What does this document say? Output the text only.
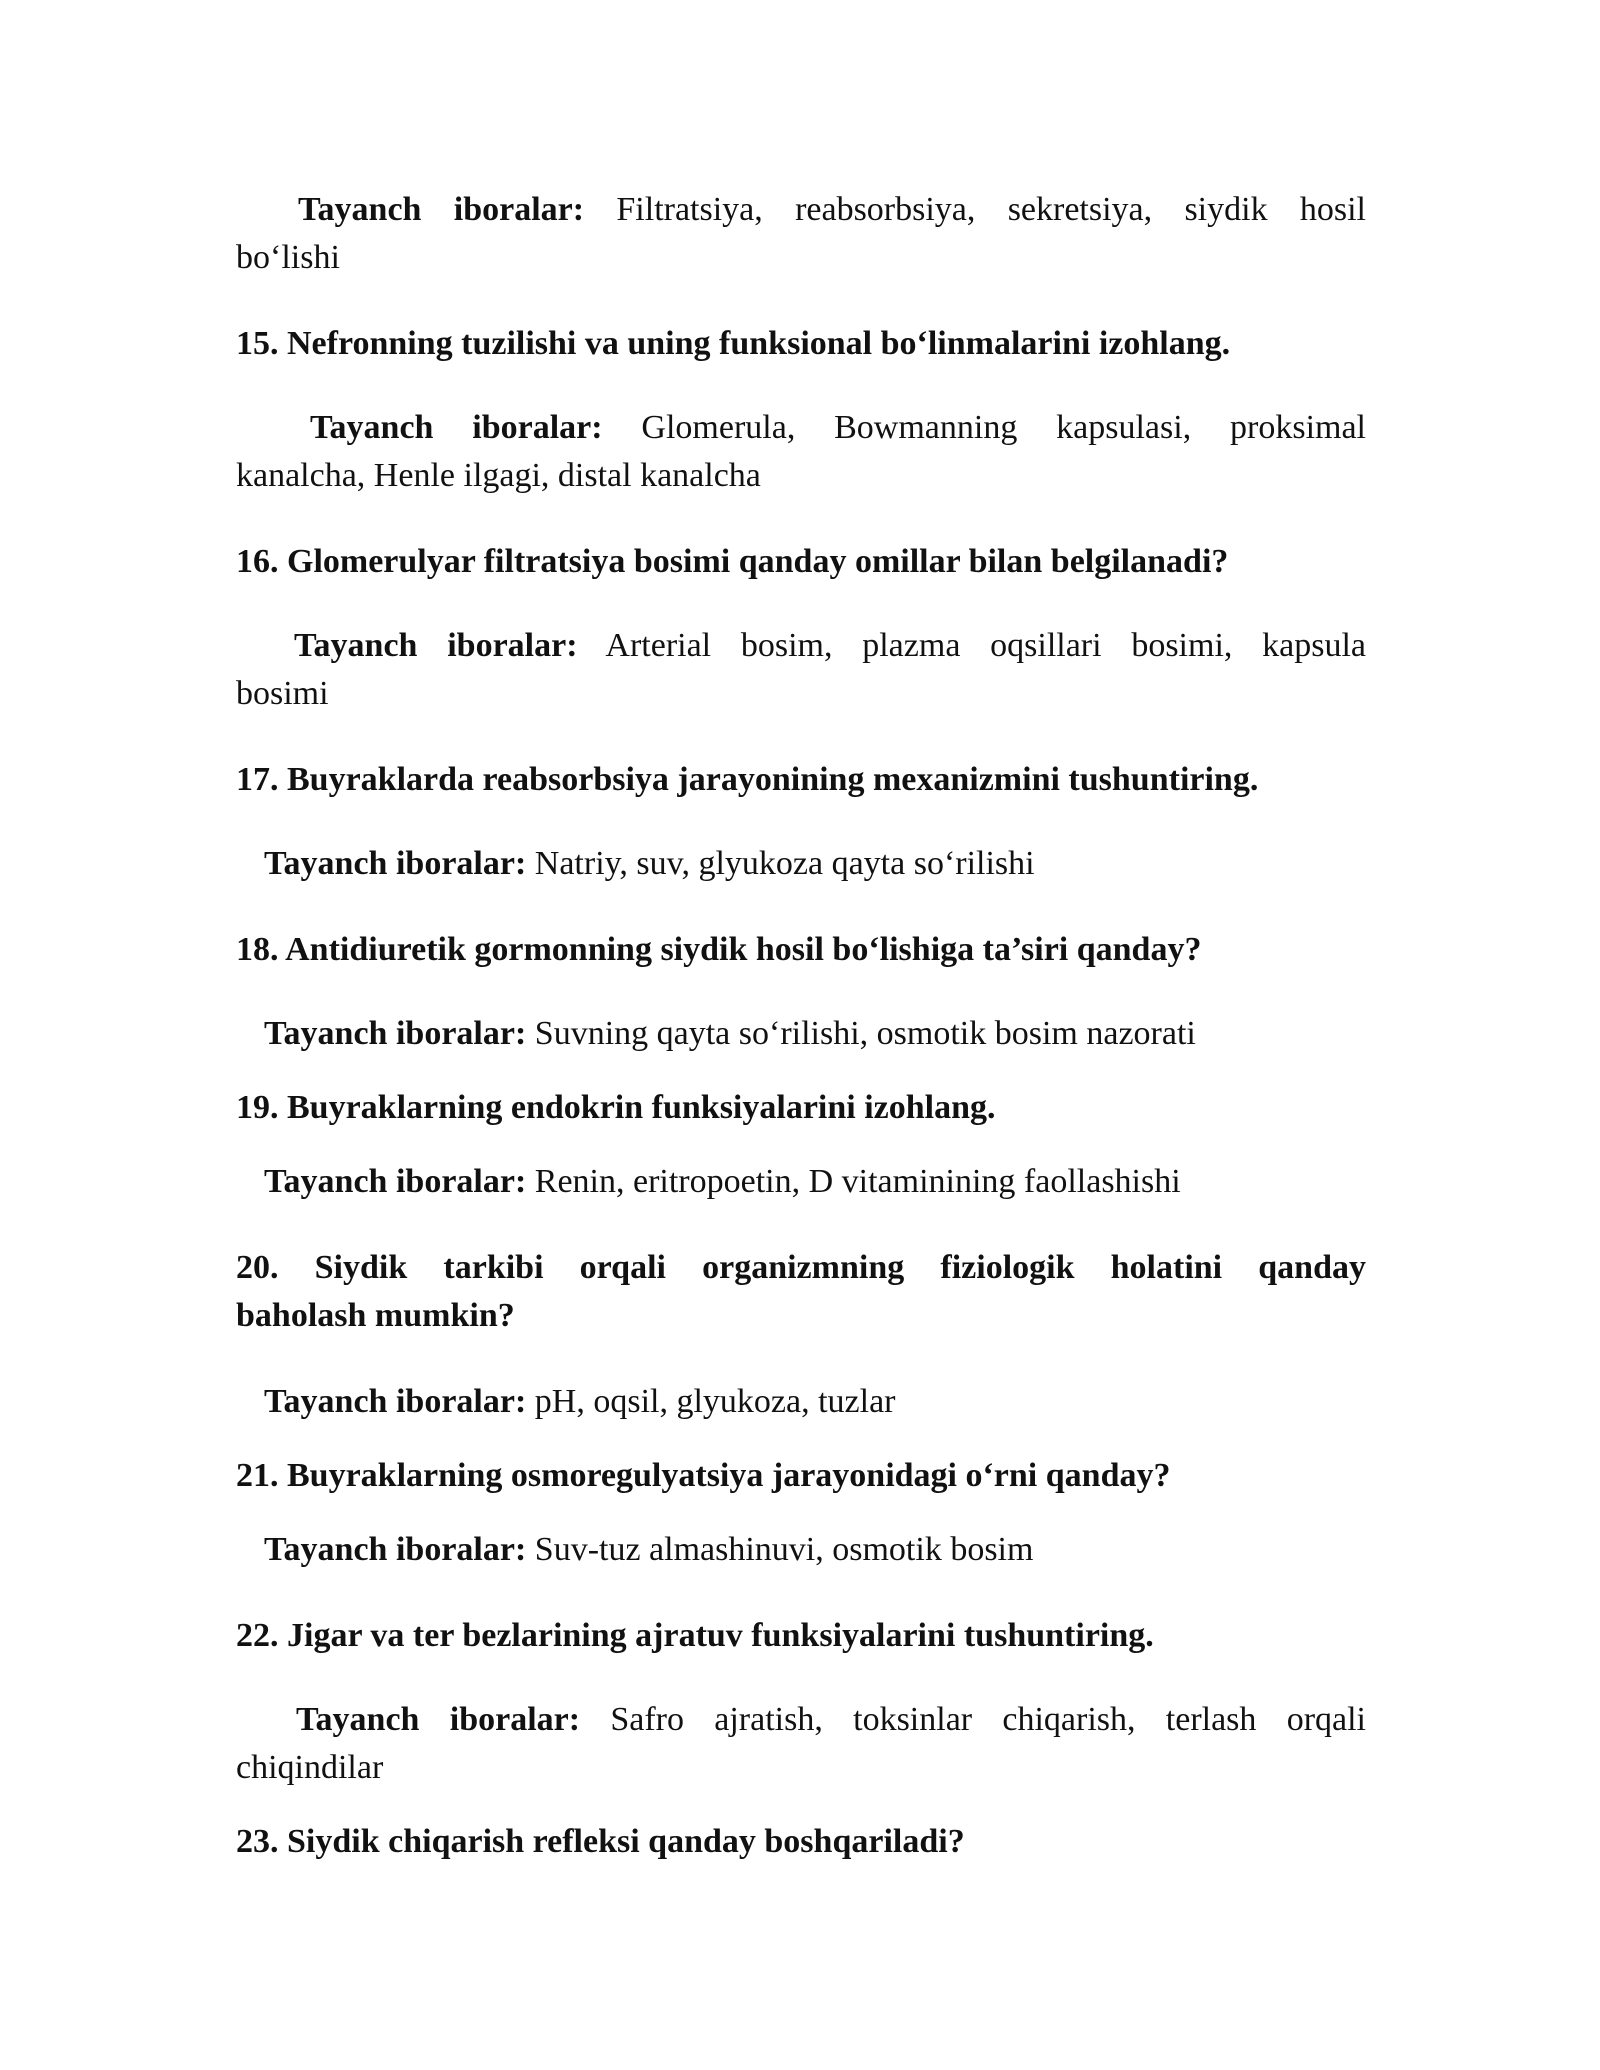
Tayanch iboralar: Filtratsiya, reabsorbsiya, sekretsiya, siydik hosil
bo‘lishi
15. Nefronning tuzilishi va uning funksional bo‘linmalarini izohlang.
Tayanch iboralar: Glomerula, Bowmanning kapsulasi, proksimal
kanalcha, Henle ilgagi, distal kanalcha
16. Glomerulyar filtratsiya bosimi qanday omillar bilan belgilanadi?
Tayanch iboralar: Arterial bosim, plazma oqsillari bosimi, kapsula
bosimi
17. Buyraklarda reabsorbsiya jarayonining mexanizmini tushuntiring.
Tayanch iboralar: Natriy, suv, glyukoza qayta so‘rilishi
18. Antidiuretik gormonning siydik hosil bo‘lishiga ta’siri qanday?
Tayanch iboralar: Suvning qayta so‘rilishi, osmotik bosim nazorati
19. Buyraklarning endokrin funksiyalarini izohlang.
Tayanch iboralar: Renin, eritropoetin, D vitaminining faollashishi
20. Siydik tarkibi orqali organizmning fiziologik holatini qanday
baholash mumkin?
Tayanch iboralar: pH, oqsil, glyukoza, tuzlar
21. Buyraklarning osmoregulyatsiya jarayonidagi o‘rni qanday?
Tayanch iboralar: Suv-tuz almashinuvi, osmotik bosim
22. Jigar va ter bezlarining ajratuv funksiyalarini tushuntiring.
Tayanch iboralar: Safro ajratish, toksinlar chiqarish, terlash orqali
chiqindilar
23. Siydik chiqarish refleksi qanday boshqariladi?
